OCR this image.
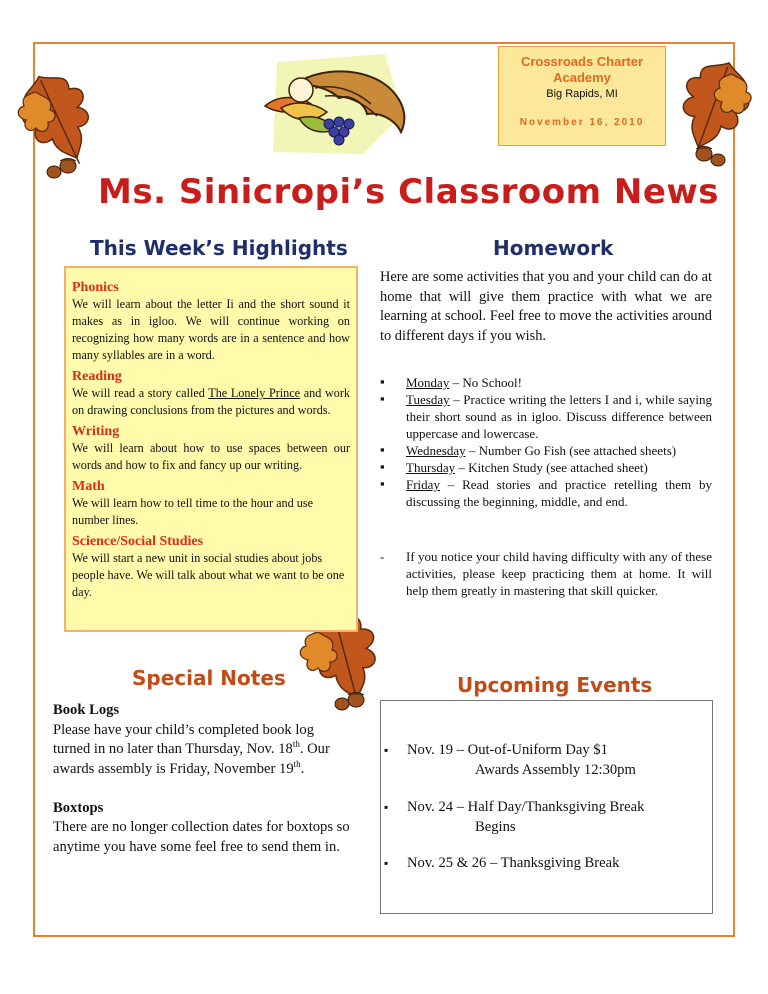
Crossroads Charter
Academy
Big Rapids, MI
November 16, 2010
Ms. Sinicropi’s Classroom News
This Week’s Highlights
Phonics
We will learn about the letter Ii and the short sound it makes as in igloo. We will continue working on recognizing how many words are in a sentence and how many syllables are in a word.
Reading
We will read a story called The Lonely Prince and work on drawing conclusions from the pictures and words.
Writing
We will learn about how to use spaces between our words and how to fix and fancy up our writing.
Math
We will learn how to tell time to the hour and use number lines.
Science/Social Studies
We will start a new unit in social studies about jobs people have. We will talk about what we want to be one day.
Homework
Here are some activities that you and your child can do at home that will give them practice with what we are learning at school. Feel free to move the activities around to different days if you wish.
▪ Monday – No School!
▪ Tuesday – Practice writing the letters I and i, while saying their short sound as in igloo. Discuss difference between uppercase and lowercase.
▪ Wednesday – Number Go Fish (see attached sheets)
▪ Thursday – Kitchen Study (see attached sheet)
▪ Friday – Read stories and practice retelling them by discussing the beginning, middle, and end.
- If you notice your child having difficulty with any of these activities, please keep practicing them at home. It will help them greatly in mastering that skill quicker.
Special Notes
Book Logs
Please have your child’s completed book log turned in no later than Thursday, Nov. 18th. Our awards assembly is Friday, November 19th.

Boxtops
There are no longer collection dates for boxtops so anytime you have some feel free to send them in.
Upcoming Events
▪ Nov. 19 – Out-of-Uniform Day $1
Awards Assembly 12:30pm
▪ Nov. 24 – Half Day/Thanksgiving Break
Begins
▪ Nov. 25 & 26 – Thanksgiving Break
